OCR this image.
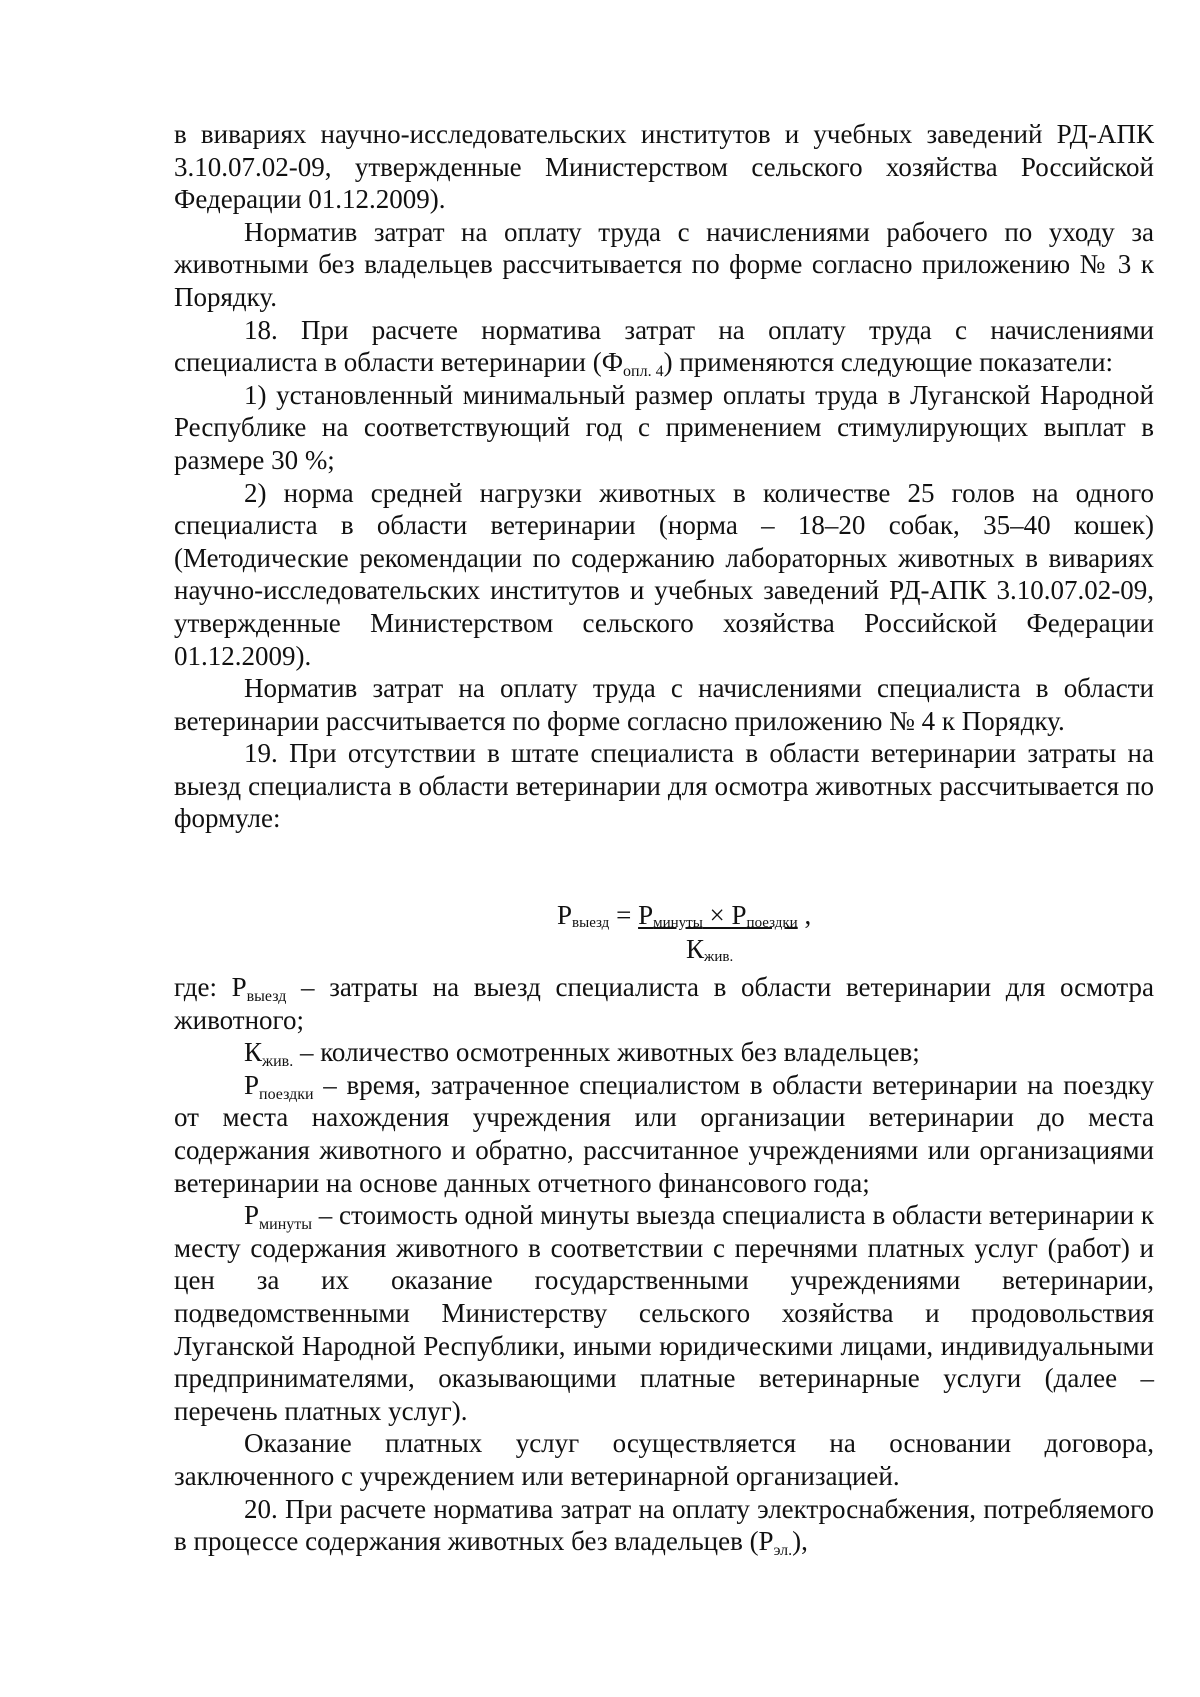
в вивариях научно-исследовательских институтов и учебных заведений РД-АПК 3.10.07.02-09, утвержденные Министерством сельского хозяйства Российской Федерации 01.12.2009).

Норматив затрат на оплату труда с начислениями рабочего по уходу за животными без владельцев рассчитывается по форме согласно приложению № 3 к Порядку.

18. При расчете норматива затрат на оплату труда с начислениями специалиста в области ветеринарии $(Ф_{опл. 4})$ применяются следующие показатели:

1) установленный минимальный размер оплаты труда в Луганской Народной Республике на соответствующий год с применением стимулирующих выплат в размере 30 %;

2) норма средней нагрузки животных в количестве 25 голов на одного специалиста в области ветеринарии (норма – 18–20 собак, 35–40 кошек) (Методические рекомендации по содержанию лабораторных животных в вивариях научно-исследовательских институтов и учебных заведений РД-АПК 3.10.07.02-09, утвержденные Министерством сельского хозяйства Российской Федерации 01.12.2009).

Норматив затрат на оплату труда с начислениями специалиста в области ветеринарии рассчитывается по форме согласно приложению № 4 к Порядку.

19. При отсутствии в штате специалиста в области ветеринарии затраты на выезд специалиста в области ветеринарии для осмотра животных рассчитывается по формуле:

Рвыезд = Рминуты × Рпоездки ,
Кжив.

где: $Р_{выезд}$ – затраты на выезд специалиста в области ветеринарии для осмотра животного;

$К_{жив.}$ – количество осмотренных животных без владельцев;

$Р_{поездки}$ – время, затраченное специалистом в области ветеринарии на поездку от места нахождения учреждения или организации ветеринарии до места содержания животного и обратно, рассчитанное учреждениями или организациями ветеринарии на основе данных отчетного финансового года;

$Р_{минуты}$ – стоимость одной минуты выезда специалиста в области ветеринарии к месту содержания животного в соответствии с перечнями платных услуг (работ) и цен за их оказание государственными учреждениями ветеринарии, подведомственными Министерству сельского хозяйства и продовольствия Луганской Народной Республики, иными юридическими лицами, индивидуальными предпринимателями, оказывающими платные ветеринарные услуги (далее – перечень платных услуг).

Оказание платных услуг осуществляется на основании договора, заключенного с учреждением или ветеринарной организацией.

20. При расчете норматива затрат на оплату электроснабжения, потребляемого в процессе содержания животных без владельцев $(Р_{эл.})$,
